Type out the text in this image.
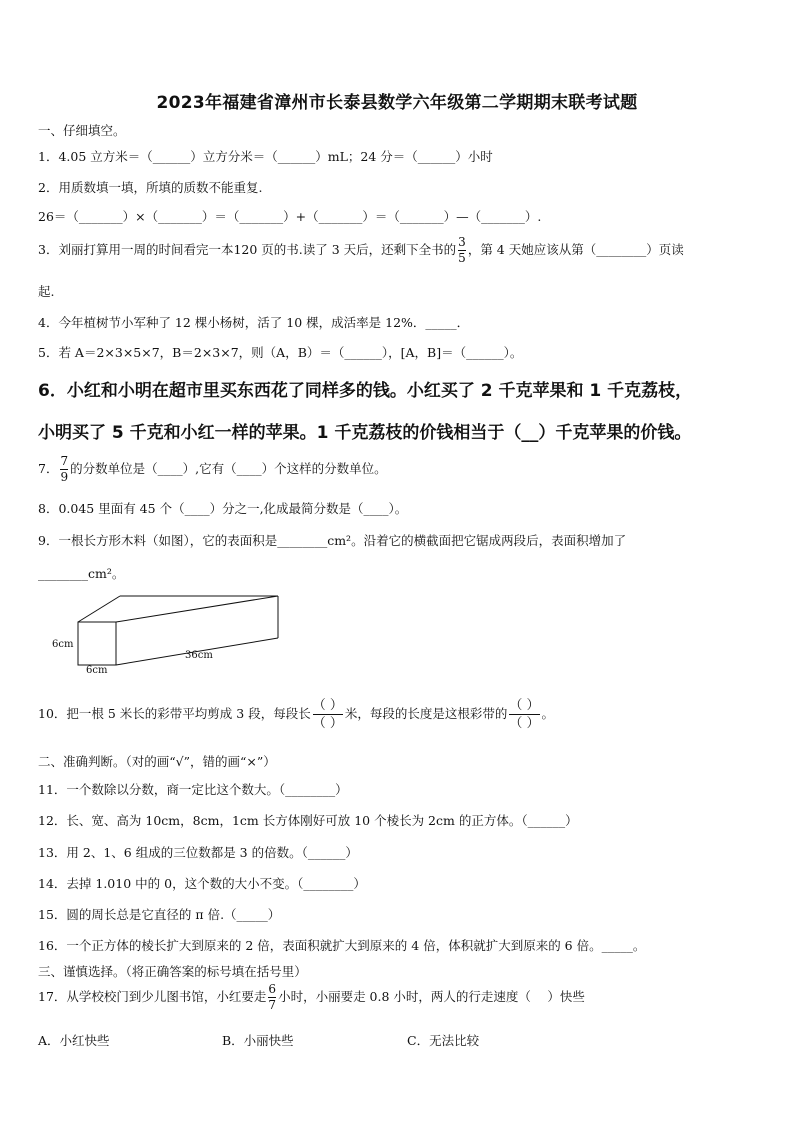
2023年福建省漳州市长泰县数学六年级第二学期期末联考试题
一、仔细填空。
1．4.05 立方米＝（______）立方分米＝（______）mL；24 分＝（______）小时
2．用质数填一填，所填的质数不能重复.
26＝（_______）×（_______）＝（_______）+（_______）＝（_______）—（_______）.
3．刘丽打算用一周的时间看完一本120 页的书.读了 3 天后，还剩下全书的 $\frac{3}{5}$ ，第 4 天她应该从第（________）页读
起.
4．今年植树节小军种了 12 棵小杨树，活了 10 棵，成活率是 12%．_____．
5．若 A＝2×3×5×7，B＝2×3×7，则（A，B）＝（______），[A，B]＝（______）。
6．小红和小明在超市里买东西花了同样多的钱。小红买了 2 千克苹果和 1 千克荔枝，
小明买了 5 千克和小红一样的苹果。1 千克荔枝的价钱相当于（__）千克苹果的价钱。
7． $\frac{7}{9}$ 的分数单位是（____）,它有（____）个这样的分数单位。
8．0.045 里面有 45 个（____）分之一,化成最简分数是（____）。
9．一根长方形木料（如图），它的表面积是________cm²。沿着它的横截面把它锯成两段后，表面积增加了
________cm²。
6cm
6cm
36cm
10．把一根 5 米长的彩带平均剪成 3 段，每段长
（ ）
（ ）
米，每段的长度是这根彩带的
（ ）
（ ）
。
二、准确判断。（对的画“√”，错的画“×”）
11．一个数除以分数，商一定比这个数大。（________）
12．长、宽、高为 10cm，8cm，1cm 长方体刚好可放 10 个棱长为 2cm 的正方体。（______）
13．用 2、1、6 组成的三位数都是 3 的倍数。（______）
14．去掉 1.010 中的 0，这个数的大小不变。（________）
15．圆的周长总是它直径的 π 倍.（_____）
16．一个正方体的棱长扩大到原来的 2 倍，表面积就扩大到原来的 4 倍，体积就扩大到原来的 6 倍。_____。
三、谨慎选择。（将正确答案的标号填在括号里）
17．从学校校门到少儿图书馆，小红要走 $\frac{6}{7}$ 小时，小丽要走 0.8 小时，两人的行走速度（　 ）快些
A．小红快些	B．小丽快些	C．无法比较
